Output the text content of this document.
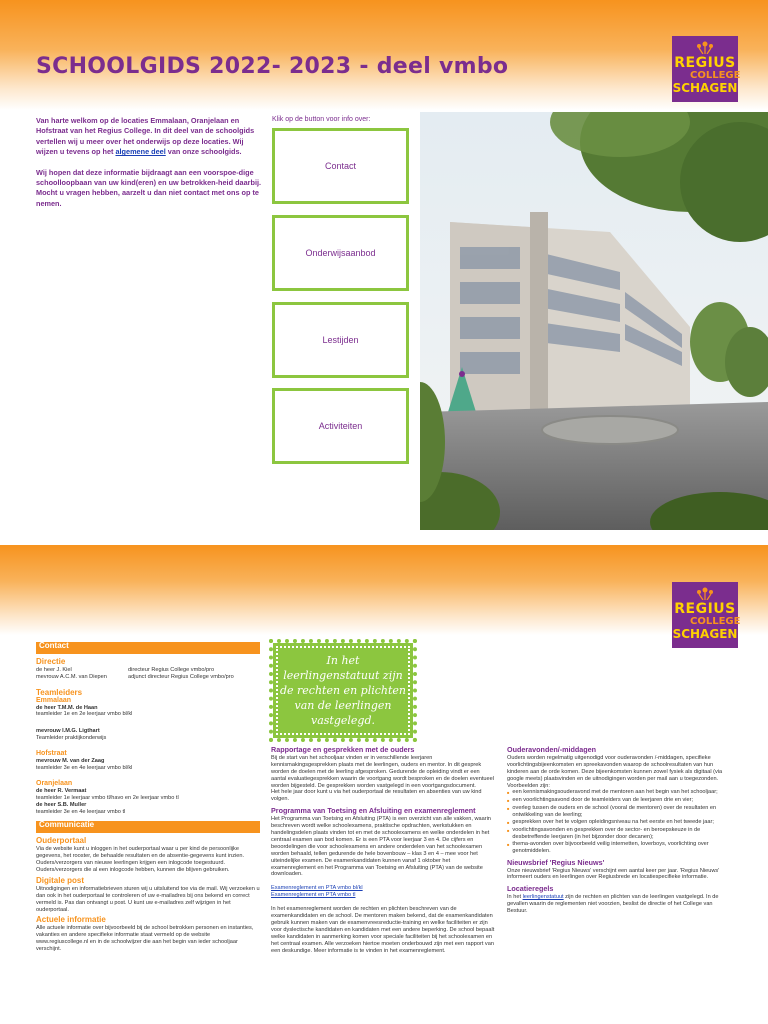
SCHOOLGIDS 2022- 2023 - deel vmbo	REGIUS
COLLEGE
SCHAGEN

Van harte welkom op de locaties Emmalaan, Oranjelaan en Hofstraat van het Regius College. In dit deel van de schoolgids vertellen wij u meer over het onderwijs op deze locaties. Wij wijzen u tevens op het algemene deel van onze schoolgids.

Wij hopen dat deze informatie bijdraagt aan een voorspoe-dige schoolloopbaan van uw kind(eren) en uw betrokken-heid daarbij. Mocht u vragen hebben, aarzelt u dan niet contact met ons op te nemen.

Klik op de button voor info over:
Contact
Onderwijsaanbod
Lestijden
Activiteiten
REGIUS
COLLEGE
SCHAGEN
Contact
Directie
de heer J. Kiel	directeur Regius College vmbo/pro
mevrouw A.C.M. van Diepen	adjunct directeur Regius College vmbo/pro
Teamleiders
Emmalaan
de heer T.M.M. de Haan
teamleider 1e en 2e leerjaar vmbo bl/kl
mevrouw I.M.G. Ligthart
Teamleider praktijkonderwijs
Hofstraat
mevrouw M. van der Zaag
teamleider 3e en 4e leerjaar vmbo bl/kl
Oranjelaan
de heer R. Vermaat
teamleider 1e leerjaar vmbo tl/havo en 2e leerjaar vmbo tl
de heer S.B. Muller
teamleider 3e en 4e leerjaar vmbo tl
Communicatie
Ouderportaal
Via de website kunt u inloggen in het ouderportaal waar u per kind de persoonlijke gegevens, het rooster, de behaalde resultaten en de absentie-gegevens kunt inzien. Ouders/verzorgers van nieuwe leerlingen krijgen een inlogcode toegestuurd. Ouders/verzorgers die al een inlogcode hebben, kunnen die blijven gebruiken.
Digitale post
Uitnodigingen en informatiebrieven sturen wij u uitsluitend toe via de mail. Wij verzoeken u dan ook in het ouderportaal te controleren of uw e-mailadres bij ons bekend en correct vermeld is. Pas dan ontvangt u post. U kunt uw e-mailadres zelf wijzigen in het ouderportaal.
Actuele informatie
Alle actuele informatie over bijvoorbeeld bij de school betrokken personen en instanties, vakanties en andere specifieke informatie staat vermeld op de website www.regiuscollege.nl en in de schoolwijzer die aan het begin van ieder schooljaar verschijnt.
In het leerlingenstatuut zijn de rechten en plichten van de leerlingen vastgelegd.
Rapportage en gesprekken met de ouders
Bij de start van het schooljaar vinden er in verschillende leerjaren kennismakingsgesprekken plaats met de leerlingen, ouders en mentor. In dit gesprek worden de doelen met de leerling afgesproken. Gedurende de opleiding vindt er een aantal evaluatiegesprekken waarin de voortgang wordt besproken en de doelen eventueel worden bijgesteld. De gesprekken worden vastgelegd in een voortgangsdocument.
Het hele jaar door kunt u via het ouderportaal de resultaten en absenties van uw kind volgen.
Programma van Toetsing en Afsluiting en examenreglement
Het Programma van Toetsing en Afsluiting (PTA) is een overzicht van alle vakken, waarin beschreven wordt welke schoolexamens, praktische opdrachten, werkstukken en handelingsdelen plaats vinden tot en met de schoolexamens en welke onderdelen in het centraal examen aan bod komen. Er is een PTA voor leerjaar 3 en 4. De cijfers en beoordelingen die voor schoolexamens en andere onderdelen van het schoolexamen worden behaald, tellen gedurende de hele bovenbouw – klas 3 en 4 – mee voor het uiteindelijke examen. De examenkandidaten kunnen vanaf 1 oktober het examenreglement en het Programma van Toetsing en Afsluiting (PTA) van de website downloaden.

Examenreglement en PTA vmbo bl/kl

Examenreglement en PTA vmbo tl

In het examenreglement worden de rechten en plichten beschreven van de examenkandidaten en de school. De mentoren maken bekend, dat de examenkandidaten gebruik kunnen maken van de examenvreesreductie-training en welke faciliteiten er zijn voor dyslectische kandidaten en kandidaten met een andere beperking. De school bepaalt welke kandidaten in aanmerking komen voor speciale faciliteiten bij het schoolexamen en het centraal examen. Alle verzoeken hiertoe moeten onderbouwd zijn met een rapport van een deskundige. Meer informatie is te vinden in het examenreglement.

Ouderavonden/-middagen
Ouders worden regelmatig uitgenodigd voor ouderavonden /-middagen, specifieke voorlichtingsbijeenkomsten en spreekavonden waarop de schoolresultaten van hun kinderen aan de orde komen. Deze bijeenkomsten kunnen zowel fysiek als digitaal (via google meets) plaatsvinden en de uitnodigingen worden per mail aan u toegezonden. Voorbeelden zijn:
■ een kennismakingsouderavond met de mentoren aan het begin van het schooljaar;
■ een voorlichtingsavond door de teamleiders van de leerjaren drie en vier;
■ overleg tussen de ouders en de school (vooral de mentoren) over de resultaten en ontwikkeling van de leerling;
■ gesprekken over het te volgen opleidingsniveau na het eerste en het tweede jaar;
■ voorlichtingsavonden en gesprekken over de sector- en beroepskeuze in de desbetreffende leerjaren (in het bijzonder door decanen);
■ thema-avonden over bijvoorbeeld veilig internetten, loverboys, voorlichting over genotmiddelen.
Nieuwsbrief 'Regius Nieuws'
Onze nieuwsbrief 'Regius Nieuws' verschijnt een aantal keer per jaar. 'Regius Nieuws' informeert ouders en leerlingen over Regiusbrede en locatiespecifieke informatie.
Locatieregels
In het leerlingenstatuut zijn de rechten en plichten van de leerlingen vastgelegd. In de gevallen waarin de reglementen niet voorzien, beslist de directie of het College van Bestuur.
